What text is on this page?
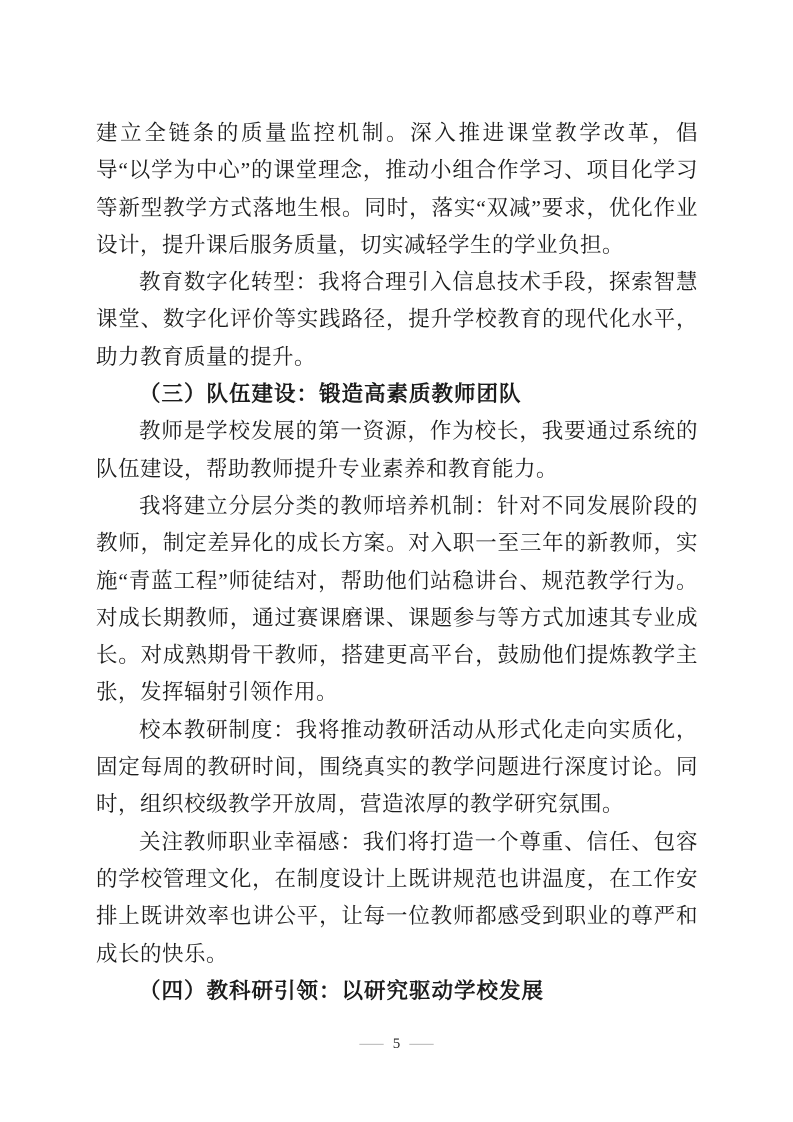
建立全链条的质量监控机制。深入推进课堂教学改革，倡导“以学为中心”的课堂理念，推动小组合作学习、项目化学习等新型教学方式落地生根。同时，落实“双减”要求，优化作业设计，提升课后服务质量，切实减轻学生的学业负担。

教育数字化转型：我将合理引入信息技术手段，探索智慧课堂、数字化评价等实践路径，提升学校教育的现代化水平，助力教育质量的提升。

（三）队伍建设：锻造高素质教师团队

教师是学校发展的第一资源，作为校长，我要通过系统的队伍建设，帮助教师提升专业素养和教育能力。

我将建立分层分类的教师培养机制：针对不同发展阶段的教师，制定差异化的成长方案。对入职一至三年的新教师，实施“青蓝工程”师徒结对，帮助他们站稳讲台、规范教学行为。对成长期教师，通过赛课磨课、课题参与等方式加速其专业成长。对成熟期骨干教师，搭建更高平台，鼓励他们提炼教学主张，发挥辐射引领作用。

校本教研制度：我将推动教研活动从形式化走向实质化，固定每周的教研时间，围绕真实的教学问题进行深度讨论。同时，组织校级教学开放周，营造浓厚的教学研究氛围。

关注教师职业幸福感：我们将打造一个尊重、信任、包容的学校管理文化，在制度设计上既讲规范也讲温度，在工作安排上既讲效率也讲公平，让每一位教师都感受到职业的尊严和成长的快乐。

（四）教科研引领：以研究驱动学校发展

— 5 —
